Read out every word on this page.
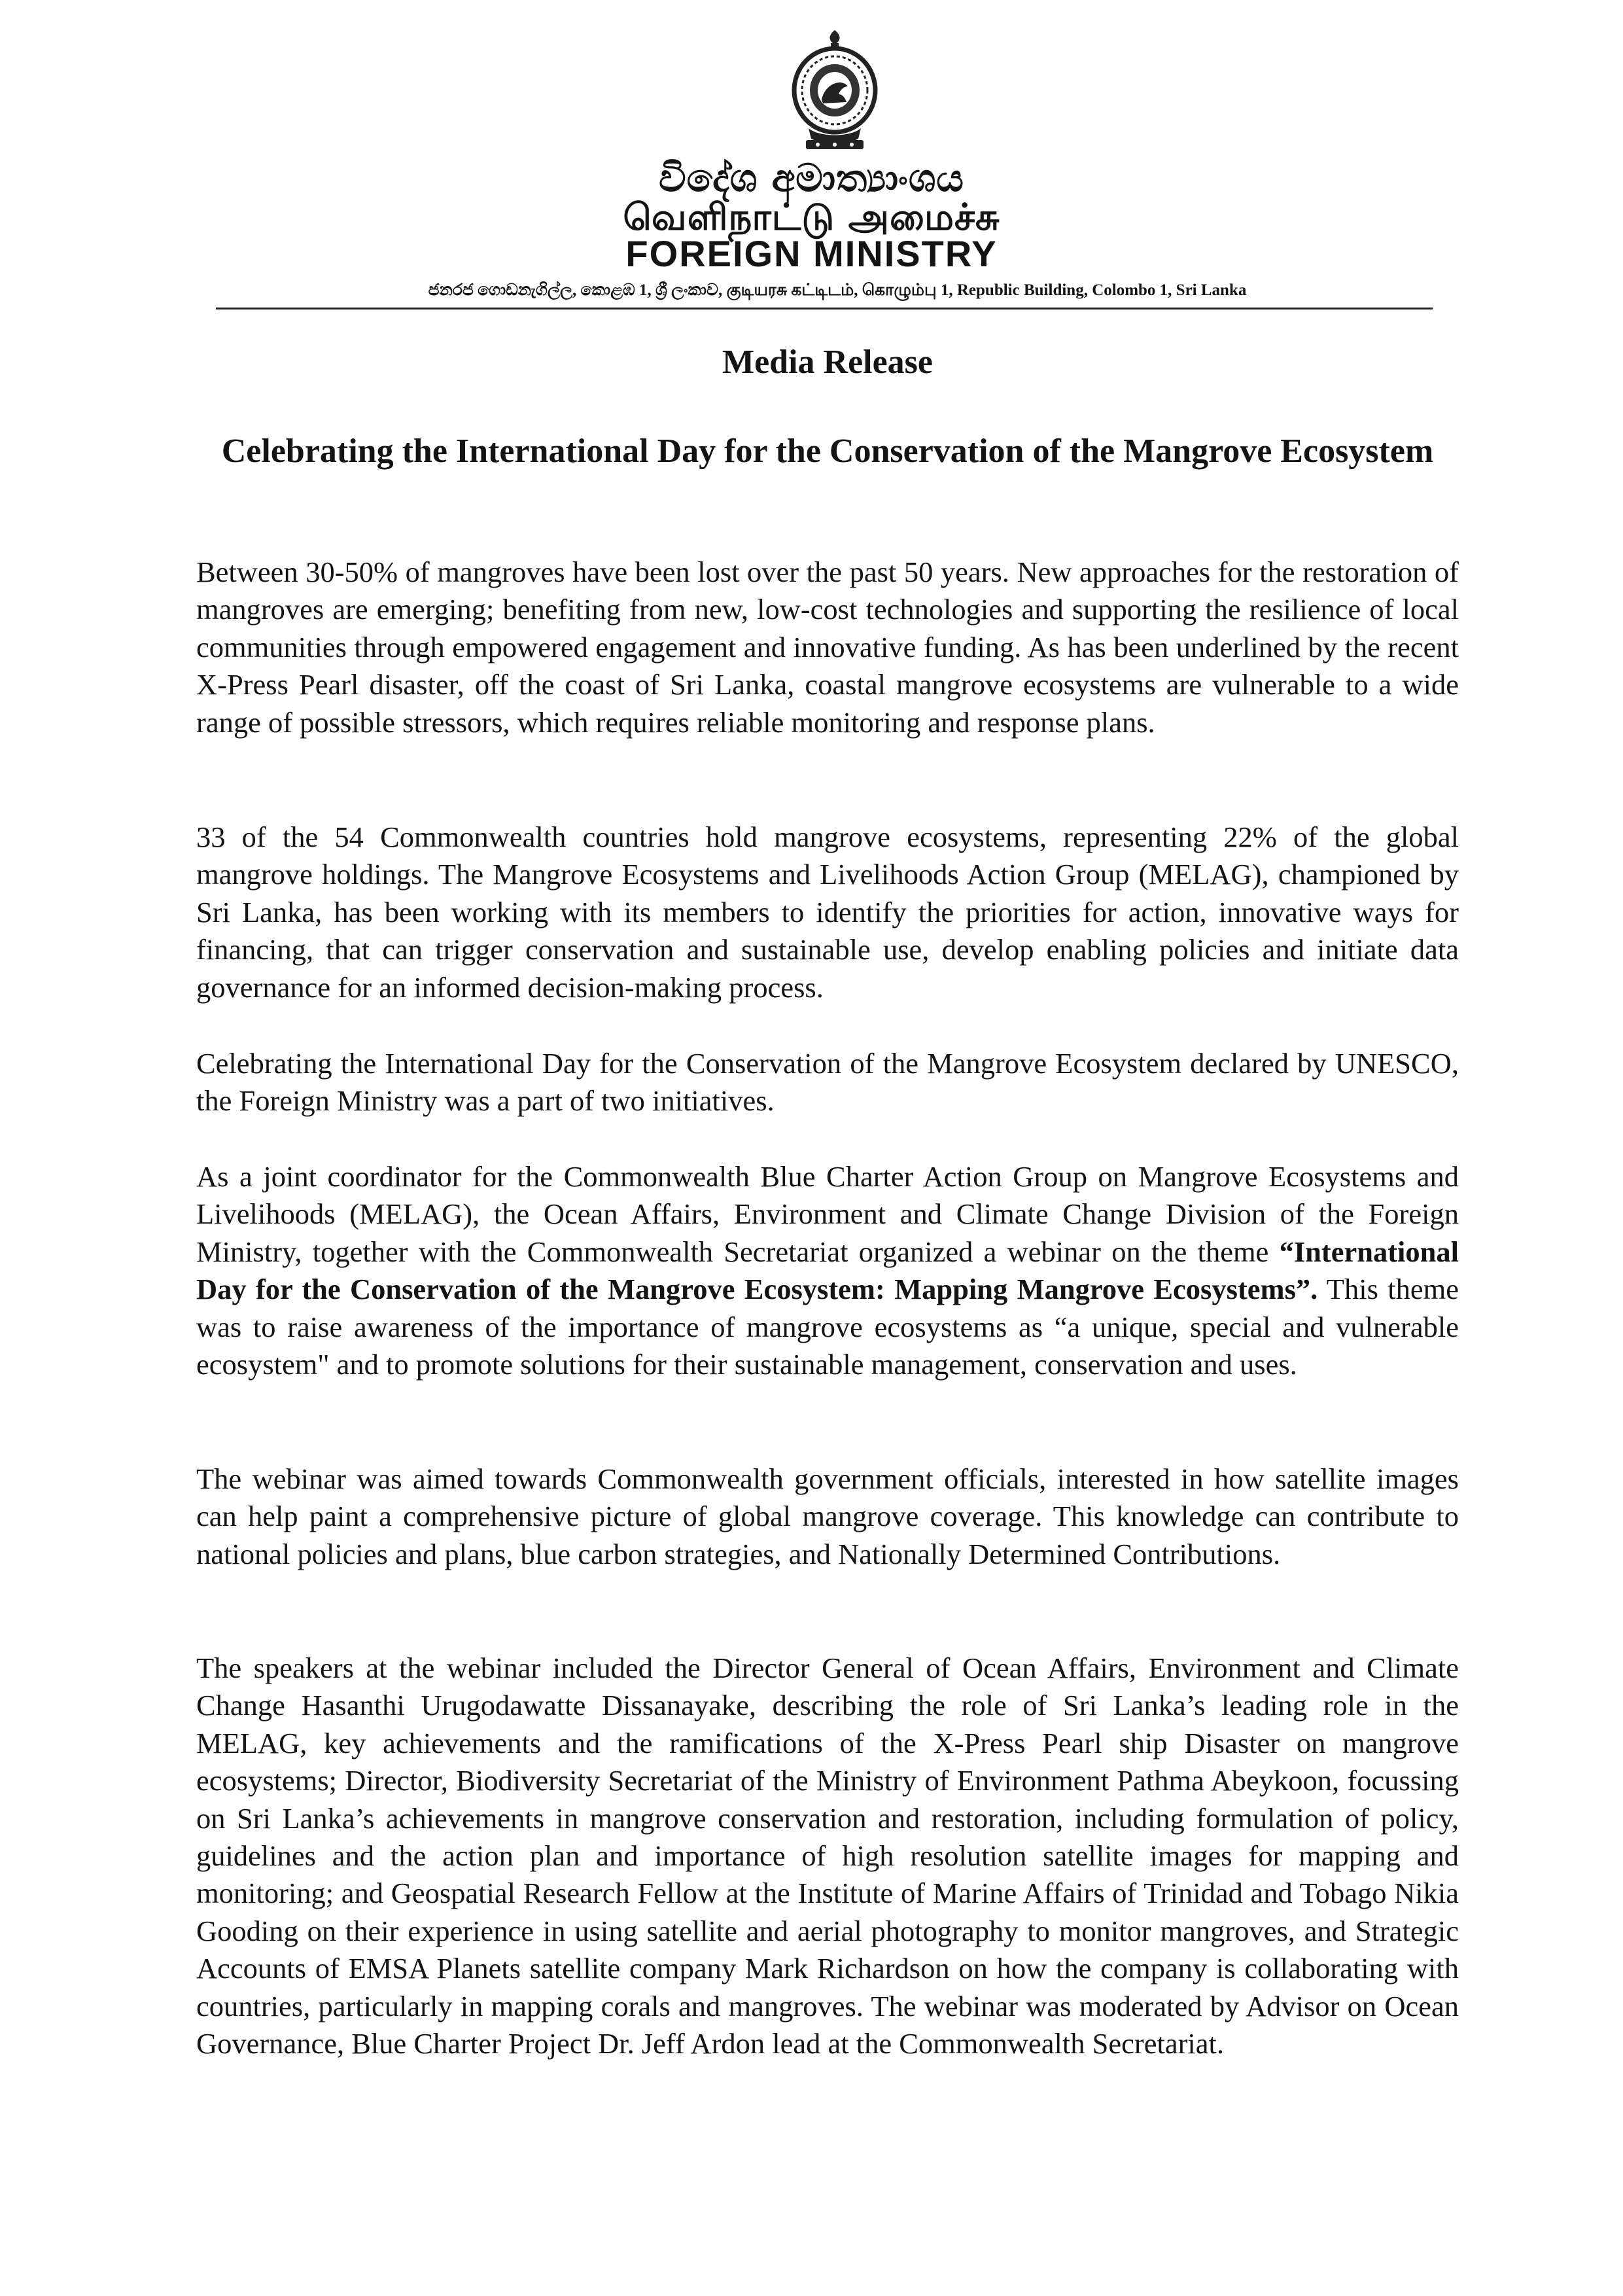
විදේශ අමාත්‍යාංශය
வெளிநாட்டு அமைச்சு
FOREIGN MINISTRY
ජනරජ ගොඩනැගිල්ල, කොළඹ 1, ශ්‍රී ලංකාව, குடியரசு கட்டிடம், கொழும்பு 1, Republic Building, Colombo 1, Sri Lanka
Media Release
Celebrating the International Day for the Conservation of the Mangrove Ecosystem

Between 30-50% of mangroves have been lost over the past 50 years. New approaches for the restoration of mangroves are emerging; benefiting from new, low-cost technologies and supporting the resilience of local communities through empowered engagement and innovative funding. As has been underlined by the recent X-Press Pearl disaster, off the coast of Sri Lanka, coastal mangrove ecosystems are vulnerable to a wide range of possible stressors, which requires reliable monitoring and response plans.

33 of the 54 Commonwealth countries hold mangrove ecosystems, representing 22% of the global mangrove holdings. The Mangrove Ecosystems and Livelihoods Action Group (MELAG), championed by Sri Lanka, has been working with its members to identify the priorities for action, innovative ways for financing, that can trigger conservation and sustainable use, develop enabling policies and initiate data governance for an informed decision-making process.

Celebrating the International Day for the Conservation of the Mangrove Ecosystem declared by UNESCO, the Foreign Ministry was a part of two initiatives.

As a joint coordinator for the Commonwealth Blue Charter Action Group on Mangrove Ecosystems and Livelihoods (MELAG), the Ocean Affairs, Environment and Climate Change Division of the Foreign Ministry, together with the Commonwealth Secretariat organized a webinar on the theme “International Day for the Conservation of the Mangrove Ecosystem: Mapping Mangrove Ecosystems”. This theme was to raise awareness of the importance of mangrove ecosystems as “a unique, special and vulnerable ecosystem" and to promote solutions for their sustainable management, conservation and uses.

The webinar was aimed towards Commonwealth government officials, interested in how satellite images can help paint a comprehensive picture of global mangrove coverage. This knowledge can contribute to national policies and plans, blue carbon strategies, and Nationally Determined Contributions.

The speakers at the webinar included the Director General of Ocean Affairs, Environment and Climate Change Hasanthi Urugodawatte Dissanayake, describing the role of Sri Lanka’s leading role in the MELAG, key achievements and the ramifications of the X-Press Pearl ship Disaster on mangrove ecosystems; Director, Biodiversity Secretariat of the Ministry of Environment Pathma Abeykoon, focussing on Sri Lanka’s achievements in mangrove conservation and restoration, including formulation of policy, guidelines and the action plan and importance of high resolution satellite images for mapping and monitoring; and Geospatial Research Fellow at the Institute of Marine Affairs of Trinidad and Tobago Nikia Gooding on their experience in using satellite and aerial photography to monitor mangroves, and Strategic Accounts of EMSA Planets satellite company Mark Richardson on how the company is collaborating with countries, particularly in mapping corals and mangroves. The webinar was moderated by Advisor on Ocean Governance, Blue Charter Project Dr. Jeff Ardon lead at the Commonwealth Secretariat.
